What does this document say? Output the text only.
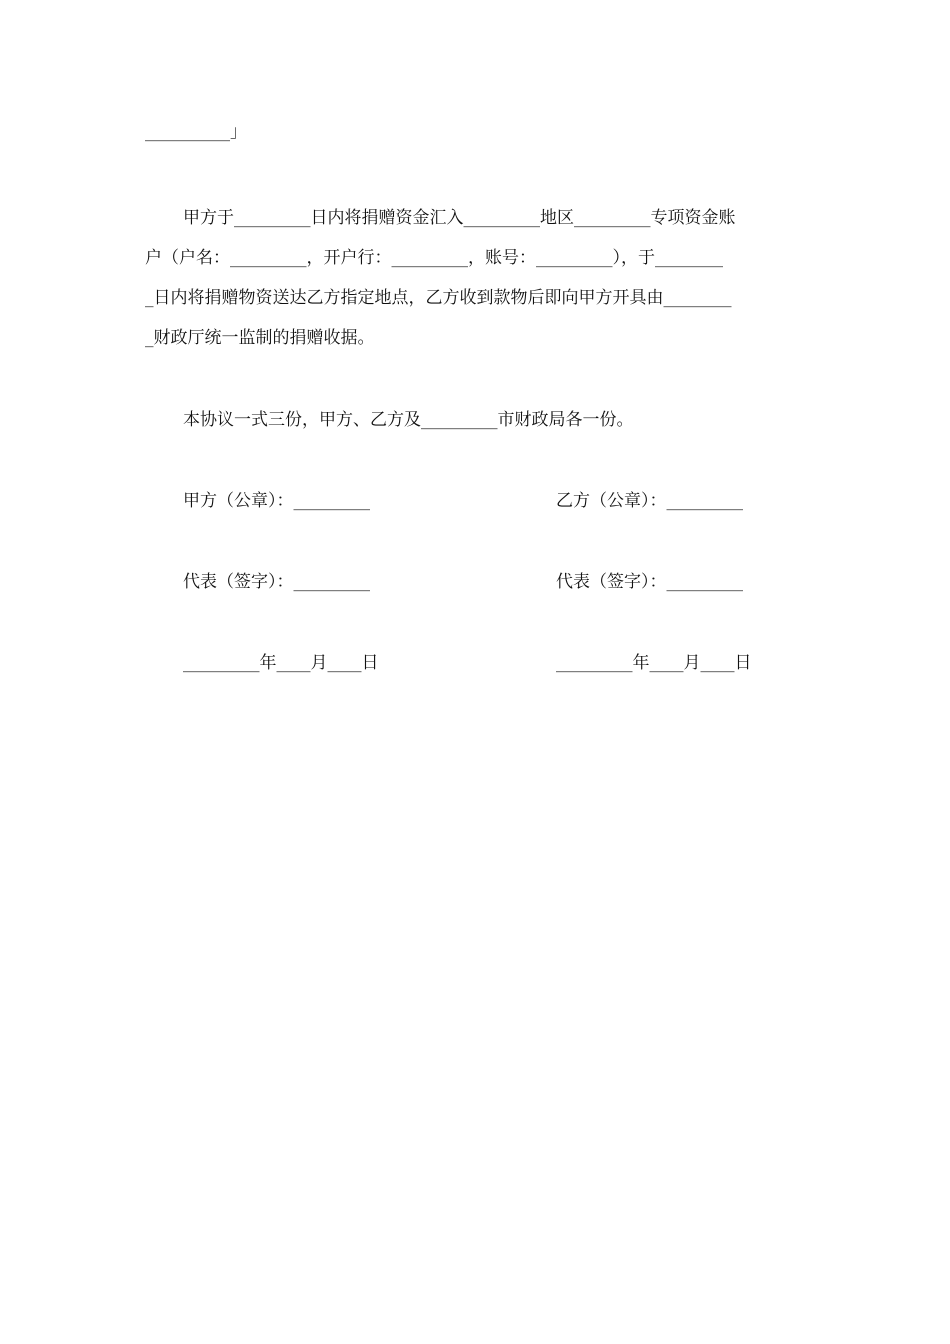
__________」
甲方于_________日内将捐赠资金汇入_________地区_________专项资金账
户（户名：_________，开户行：_________，账号：_________），于________
_日内将捐赠物资送达乙方指定地点，乙方收到款物后即向甲方开具由________
_财政厅统一监制的捐赠收据。
本协议一式三份，甲方、乙方及_________市财政局各一份。
甲方（公章）：_________	乙方（公章）：_________
代表（签字）：_________	代表（签字）：_________
_________年____月____日	_________年____月____日
